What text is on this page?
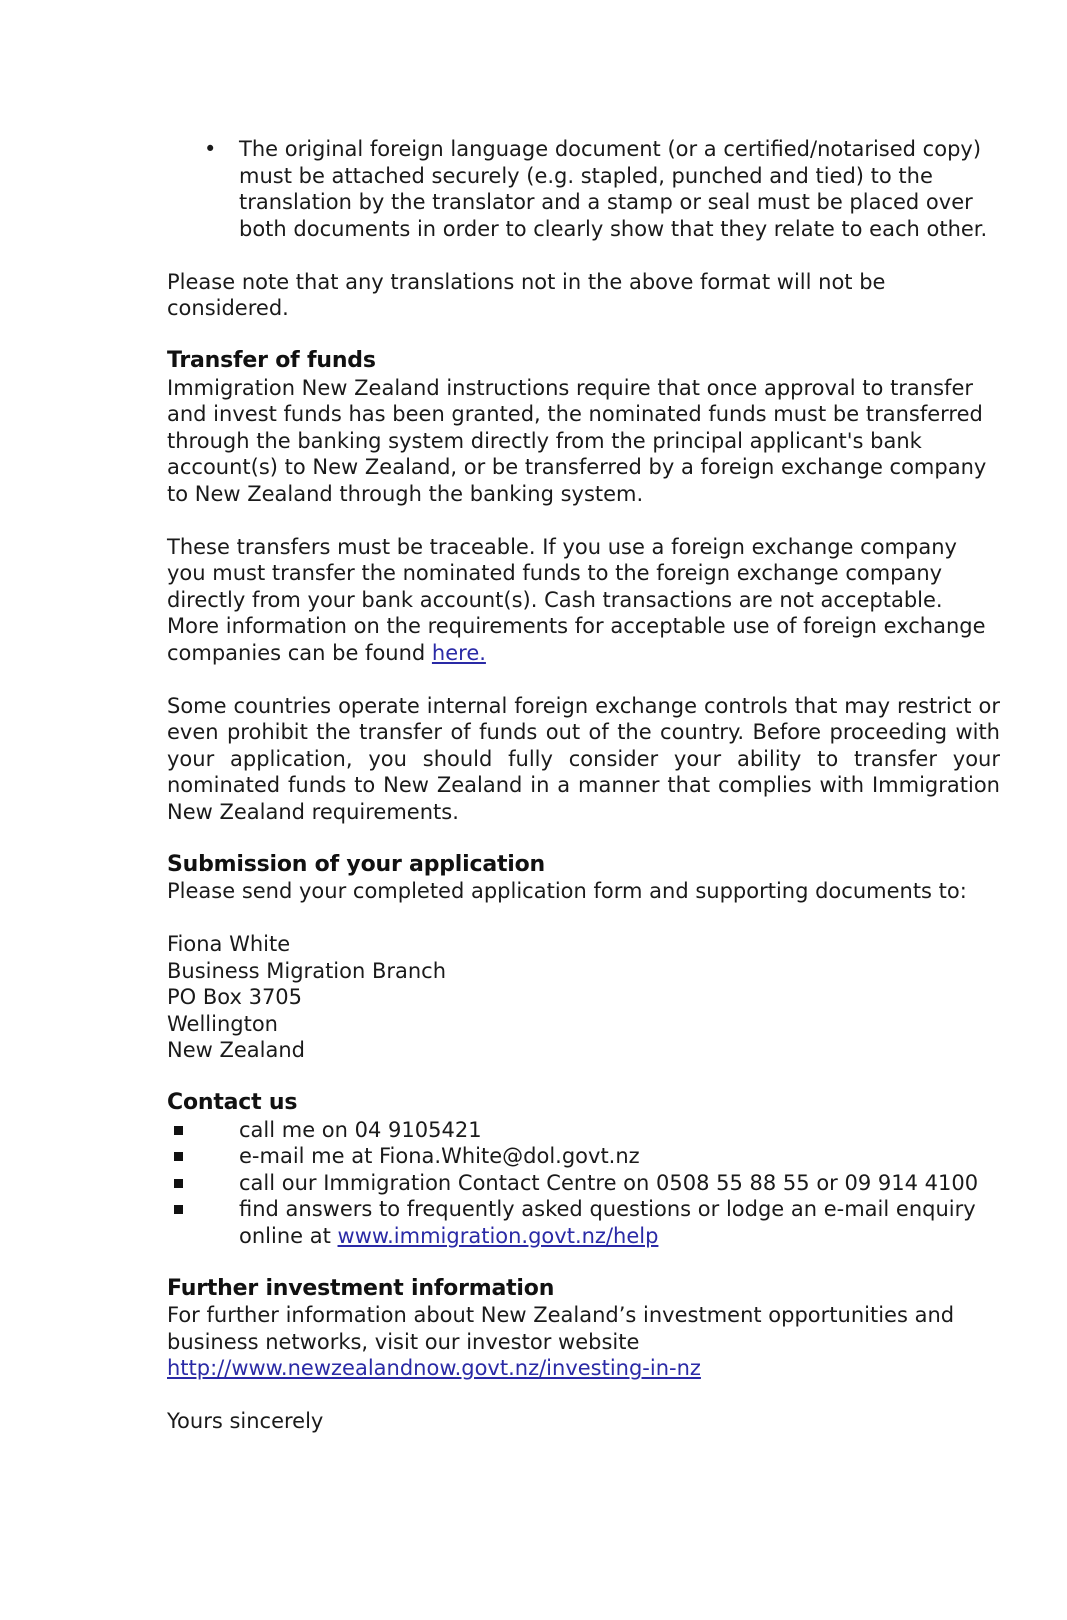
• The original foreign language document (or a certified/notarised copy) must be attached securely (e.g. stapled, punched and tied) to the translation by the translator and a stamp or seal must be placed over both documents in order to clearly show that they relate to each other.

Please note that any translations not in the above format will not be considered.

Transfer of funds

Immigration New Zealand instructions require that once approval to transfer and invest funds has been granted, the nominated funds must be transferred through the banking system directly from the principal applicant's bank account(s) to New Zealand, or be transferred by a foreign exchange company to New Zealand through the banking system.

These transfers must be traceable. If you use a foreign exchange company you must transfer the nominated funds to the foreign exchange company directly from your bank account(s). Cash transactions are not acceptable. More information on the requirements for acceptable use of foreign exchange companies can be found here.

Some countries operate internal foreign exchange controls that may restrict or even prohibit the transfer of funds out of the country. Before proceeding with your application, you should fully consider your ability to transfer your nominated funds to New Zealand in a manner that complies with Immigration New Zealand requirements.

Submission of your application

Please send your completed application form and supporting documents to:

Fiona White

Business Migration Branch

PO Box 3705

Wellington

New Zealand

Contact us

call me on 04 9105421
e-mail me at Fiona.White@dol.govt.nz
call our Immigration Contact Centre on 0508 55 88 55 or 09 914 4100
find answers to frequently asked questions or lodge an e-mail enquiry online at www.immigration.govt.nz/help

Further investment information

For further information about New Zealand’s investment opportunities and business networks, visit our investor website

http://www.newzealandnow.govt.nz/investing-in-nz

Yours sincerely
